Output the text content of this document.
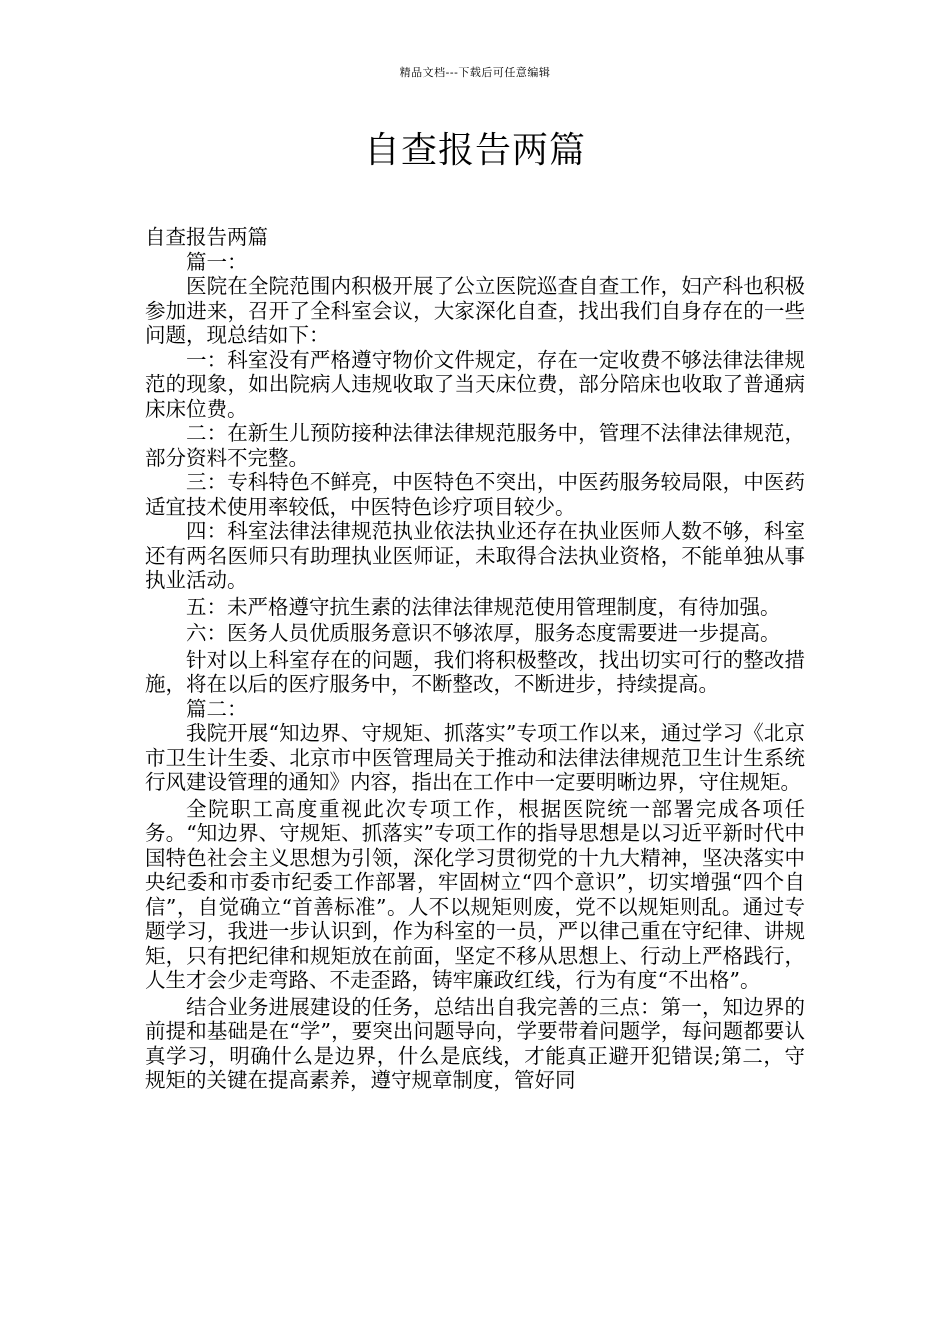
精品文档---下载后可任意编辑
自查报告两篇

自查报告两篇

篇一：

医院在全院范围内积极开展了公立医院巡查自查工作，妇产科也积极参加进来，召开了全科室会议，大家深化自查，找出我们自身存在的一些问题，现总结如下：

一：科室没有严格遵守物价文件规定，存在一定收费不够法律法律规范的现象，如出院病人违规收取了当天床位费，部分陪床也收取了普通病床床位费。

二：在新生儿预防接种法律法律规范服务中，管理不法律法律规范，部分资料不完整。

三：专科特色不鲜亮，中医特色不突出，中医药服务较局限，中医药适宜技术使用率较低，中医特色诊疗项目较少。

四：科室法律法律规范执业依法执业还存在执业医师人数不够，科室还有两名医师只有助理执业医师证，未取得合法执业资格，不能单独从事执业活动。

五：未严格遵守抗生素的法律法律规范使用管理制度，有待加强。

六：医务人员优质服务意识不够浓厚，服务态度需要进一步提高。

针对以上科室存在的问题，我们将积极整改，找出切实可行的整改措施，将在以后的医疗服务中，不断整改，不断进步，持续提高。

篇二：

我院开展“知边界、守规矩、抓落实”专项工作以来，通过学习《北京市卫生计生委、北京市中医管理局关于推动和法律法律规范卫生计生系统行风建设管理的通知》内容，指出在工作中一定要明晰边界，守住规矩。

全院职工高度重视此次专项工作，根据医院统一部署完成各项任务。“知边界、守规矩、抓落实”专项工作的指导思想是以习近平新时代中国特色社会主义思想为引领，深化学习贯彻党的十九大精神，坚决落实中央纪委和市委市纪委工作部署，牢固树立“四个意识”，切实增强“四个自信”，自觉确立“首善标准”。人不以规矩则废，党不以规矩则乱。通过专题学习，我进一步认识到，作为科室的一员，严以律己重在守纪律、讲规矩，只有把纪律和规矩放在前面，坚定不移从思想上、行动上严格践行，人生才会少走弯路、不走歪路，铸牢廉政红线，行为有度“不出格”。

结合业务进展建设的任务，总结出自我完善的三点：第一，知边界的前提和基础是在“学”，要突出问题导向，学要带着问题学，每问题都要认真学习，明确什么是边界，什么是底线，才能真正避开犯错误;第二，守规矩的关键在提高素养，遵守规章制度，管好同
